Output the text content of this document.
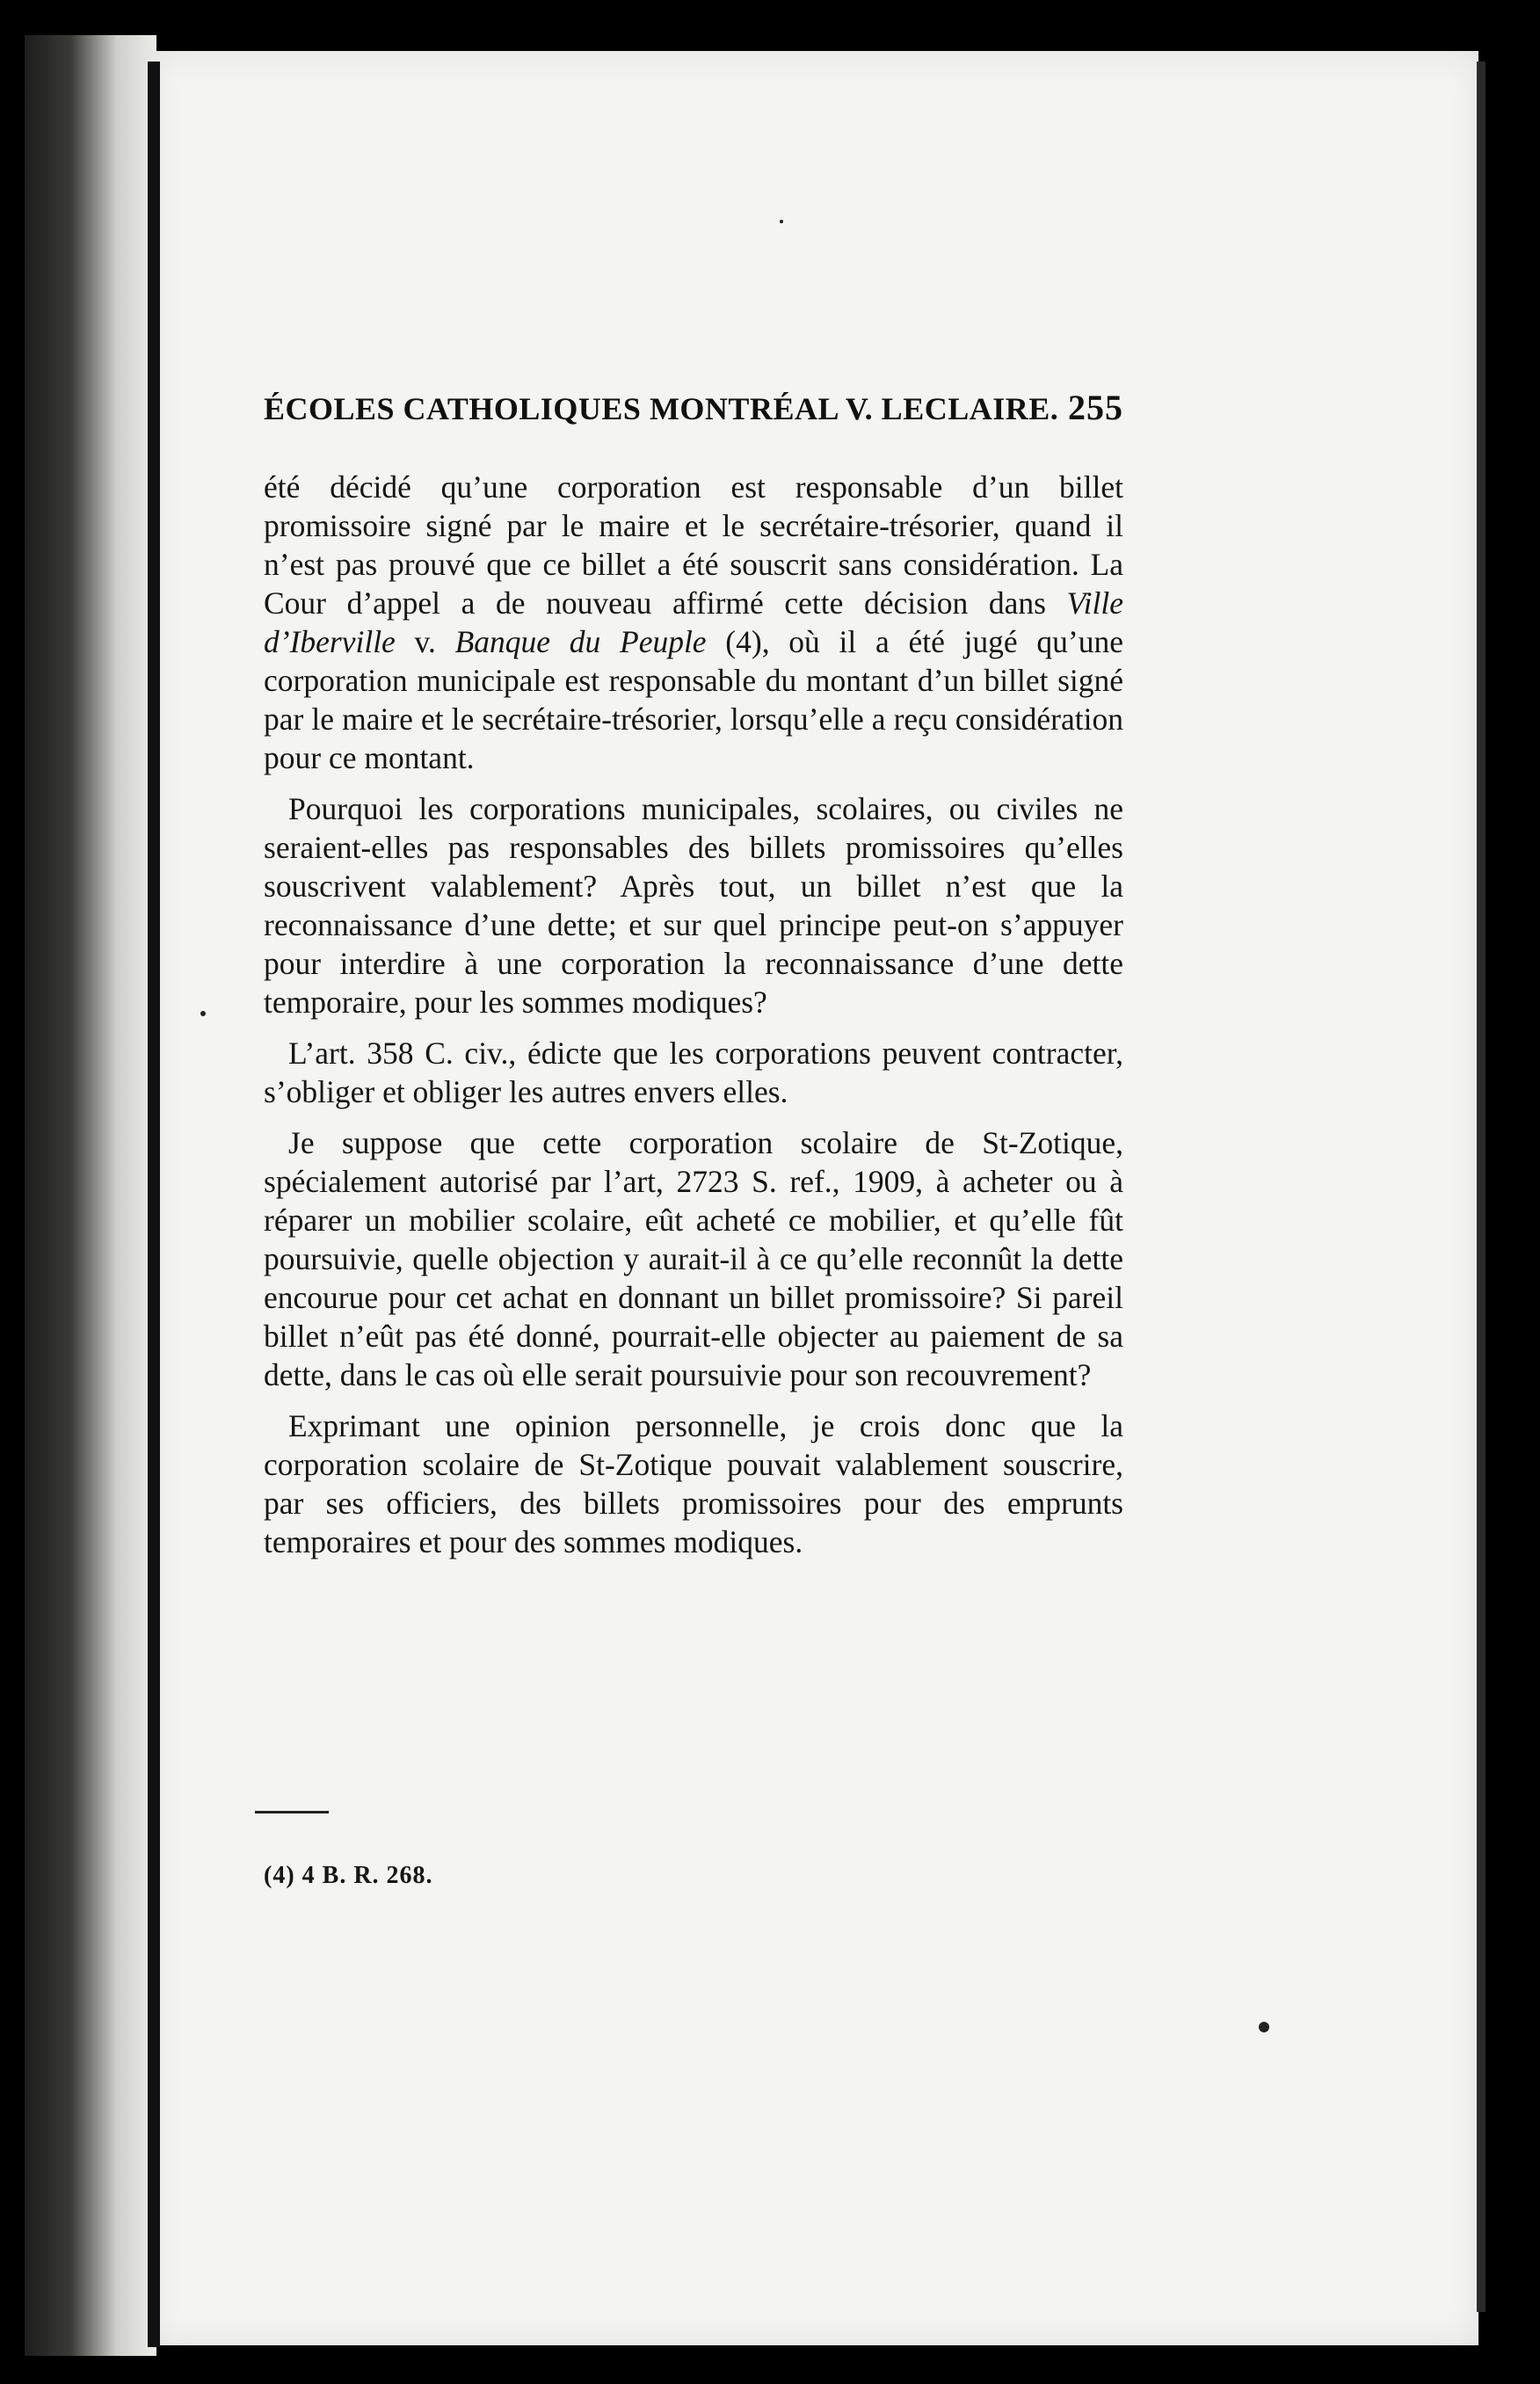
ÉCOLES CATHOLIQUES MONTRÉAL V. LECLAIRE. 255

été décidé qu’une corporation est responsable d’un billet promissoire signé par le maire et le secrétaire-trésorier, quand il n’est pas prouvé que ce billet a été souscrit sans considération. La Cour d’appel a de nouveau affirmé cette décision dans Ville d’Iberville v. Banque du Peuple (4), où il a été jugé qu’une corporation municipale est responsable du montant d’un billet signé par le maire et le secrétaire-trésorier, lorsqu’elle a reçu considération pour ce montant.

Pourquoi les corporations municipales, scolaires, ou civiles ne seraient-elles pas responsables des billets promissoires qu’elles souscrivent valablement? Après tout, un billet n’est que la reconnaissance d’une dette; et sur quel principe peut-on s’appuyer pour interdire à une corporation la reconnaissance d’une dette temporaire, pour les sommes modiques?

L’art. 358 C. civ., édicte que les corporations peuvent contracter, s’obliger et obliger les autres envers elles.

Je suppose que cette corporation scolaire de St-Zotique, spécialement autorisé par l’art, 2723 S. ref., 1909, à acheter ou à réparer un mobilier scolaire, eût acheté ce mobilier, et qu’elle fût poursuivie, quelle objection y aurait-il à ce qu’elle reconnût la dette encourue pour cet achat en donnant un billet promissoire? Si pareil billet n’eût pas été donné, pourrait-elle objecter au paiement de sa dette, dans le cas où elle serait poursuivie pour son recouvrement?

Exprimant une opinion personnelle, je crois donc que la corporation scolaire de St-Zotique pouvait valablement souscrire, par ses officiers, des billets promissoires pour des emprunts temporaires et pour des sommes modiques.

(4) 4 B. R. 268.
